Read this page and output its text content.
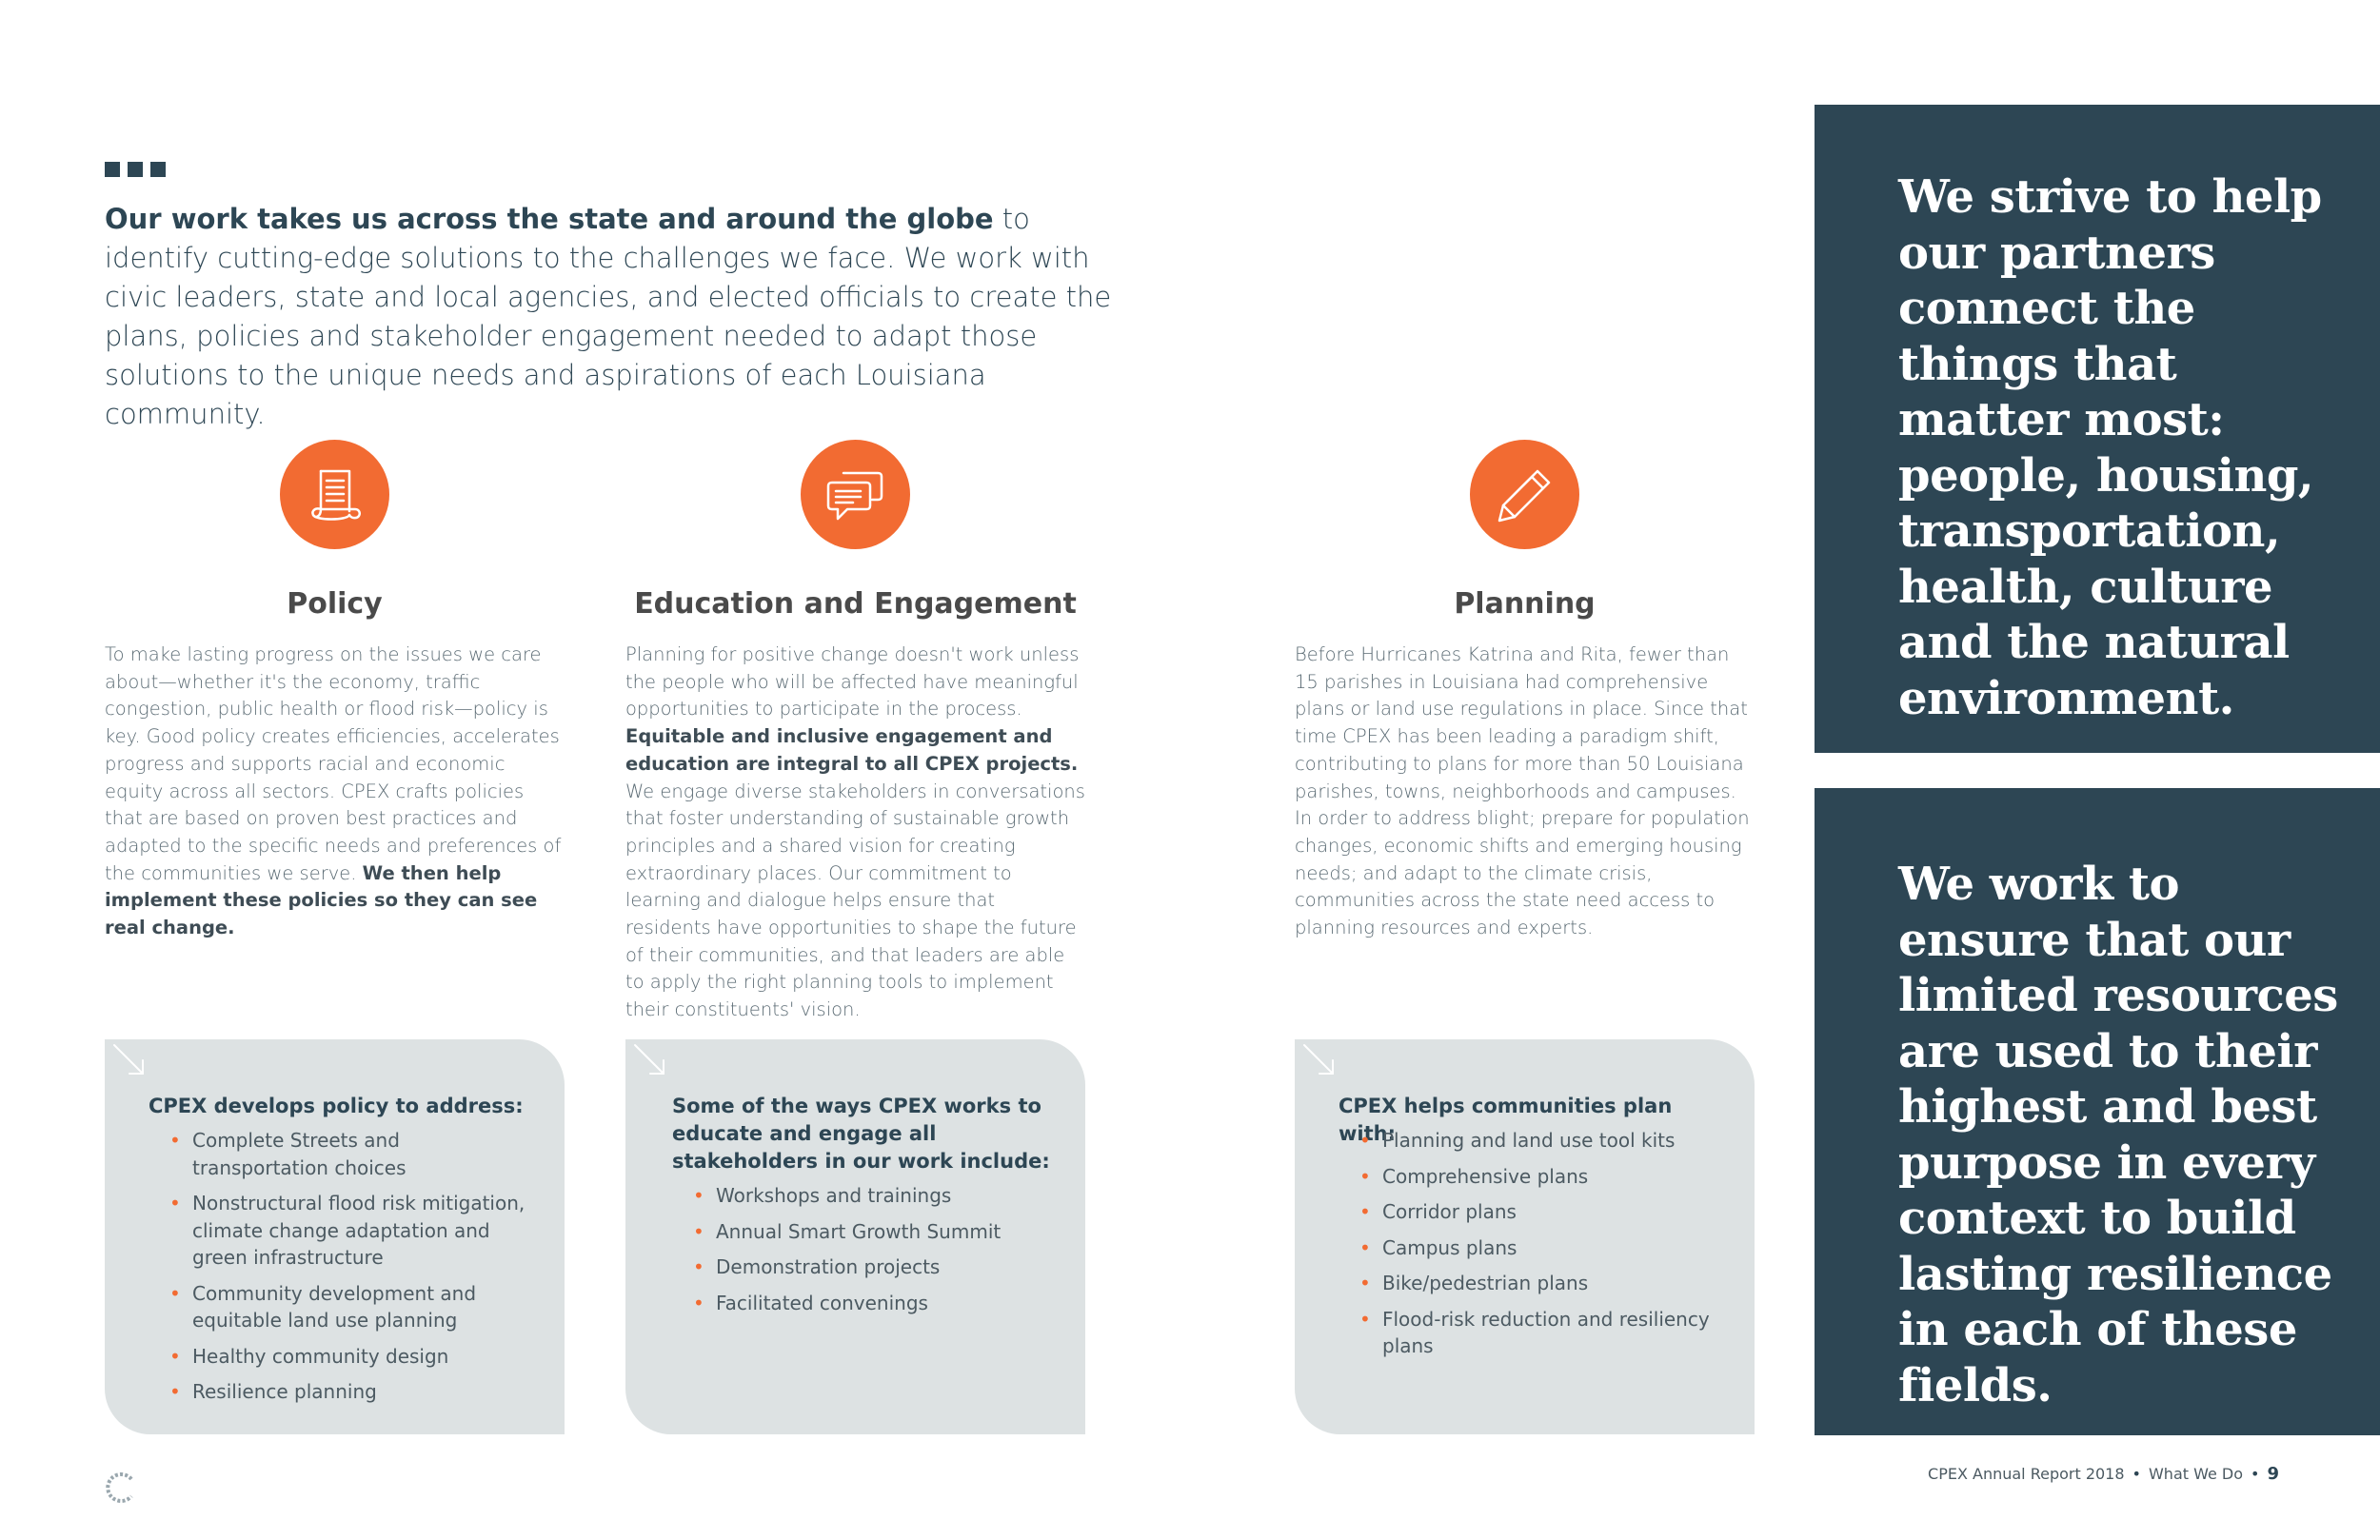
Our work takes us across the state and around the globe to identify cutting-edge solutions to the challenges we face. We work with civic leaders, state and local agencies, and elected officials to create the plans, policies and stakeholder engagement needed to adapt those solutions to the unique needs and aspirations of each Louisiana community.

Policy

To make lasting progress on the issues we care about—whether it's the economy, traffic congestion, public health or flood risk—policy is key. Good policy creates efficiencies, accelerates progress and supports racial and economic equity across all sectors. CPEX crafts policies that are based on proven best practices and adapted to the specific needs and preferences of the communities we serve. We then help implement these policies so they can see real change.

Education and Engagement

Planning for positive change doesn't work unless the people who will be affected have meaningful opportunities to participate in the process. Equitable and inclusive engagement and education are integral to all CPEX projects. We engage diverse stakeholders in conversations that foster understanding of sustainable growth principles and a shared vision for creating extraordinary places. Our commitment to learning and dialogue helps ensure that residents have opportunities to shape the future of their communities, and that leaders are able to apply the right planning tools to implement their constituents' vision.

Planning

Before Hurricanes Katrina and Rita, fewer than 15 parishes in Louisiana had comprehensive plans or land use regulations in place. Since that time CPEX has been leading a paradigm shift, contributing to plans for more than 50 Louisiana parishes, towns, neighborhoods and campuses. In order to address blight; prepare for population changes, economic shifts and emerging housing needs; and adapt to the climate crisis, communities across the state need access to planning resources and experts.

CPEX develops policy to address:
• Complete Streets and transportation choices
• Nonstructural flood risk mitigation, climate change adaptation and green infrastructure
• Community development and equitable land use planning
• Healthy community design
• Resilience planning
Some of the ways CPEX works to educate and engage all stakeholders in our work include:
• Workshops and trainings
• Annual Smart Growth Summit
• Demonstration projects
• Facilitated convenings
CPEX helps communities plan with:
• Planning and land use tool kits
• Comprehensive plans
• Corridor plans
• Campus plans
• Bike/pedestrian plans
• Flood-risk reduction and resiliency plans

We strive to help our partners connect the things that matter most: people, housing, transportation, health, culture and the natural environment.

We work to ensure that our limited resources are used to their highest and best purpose in every context to build lasting resilience in each of these fields.

CPEX Annual Report 2018 • What We Do • 9
